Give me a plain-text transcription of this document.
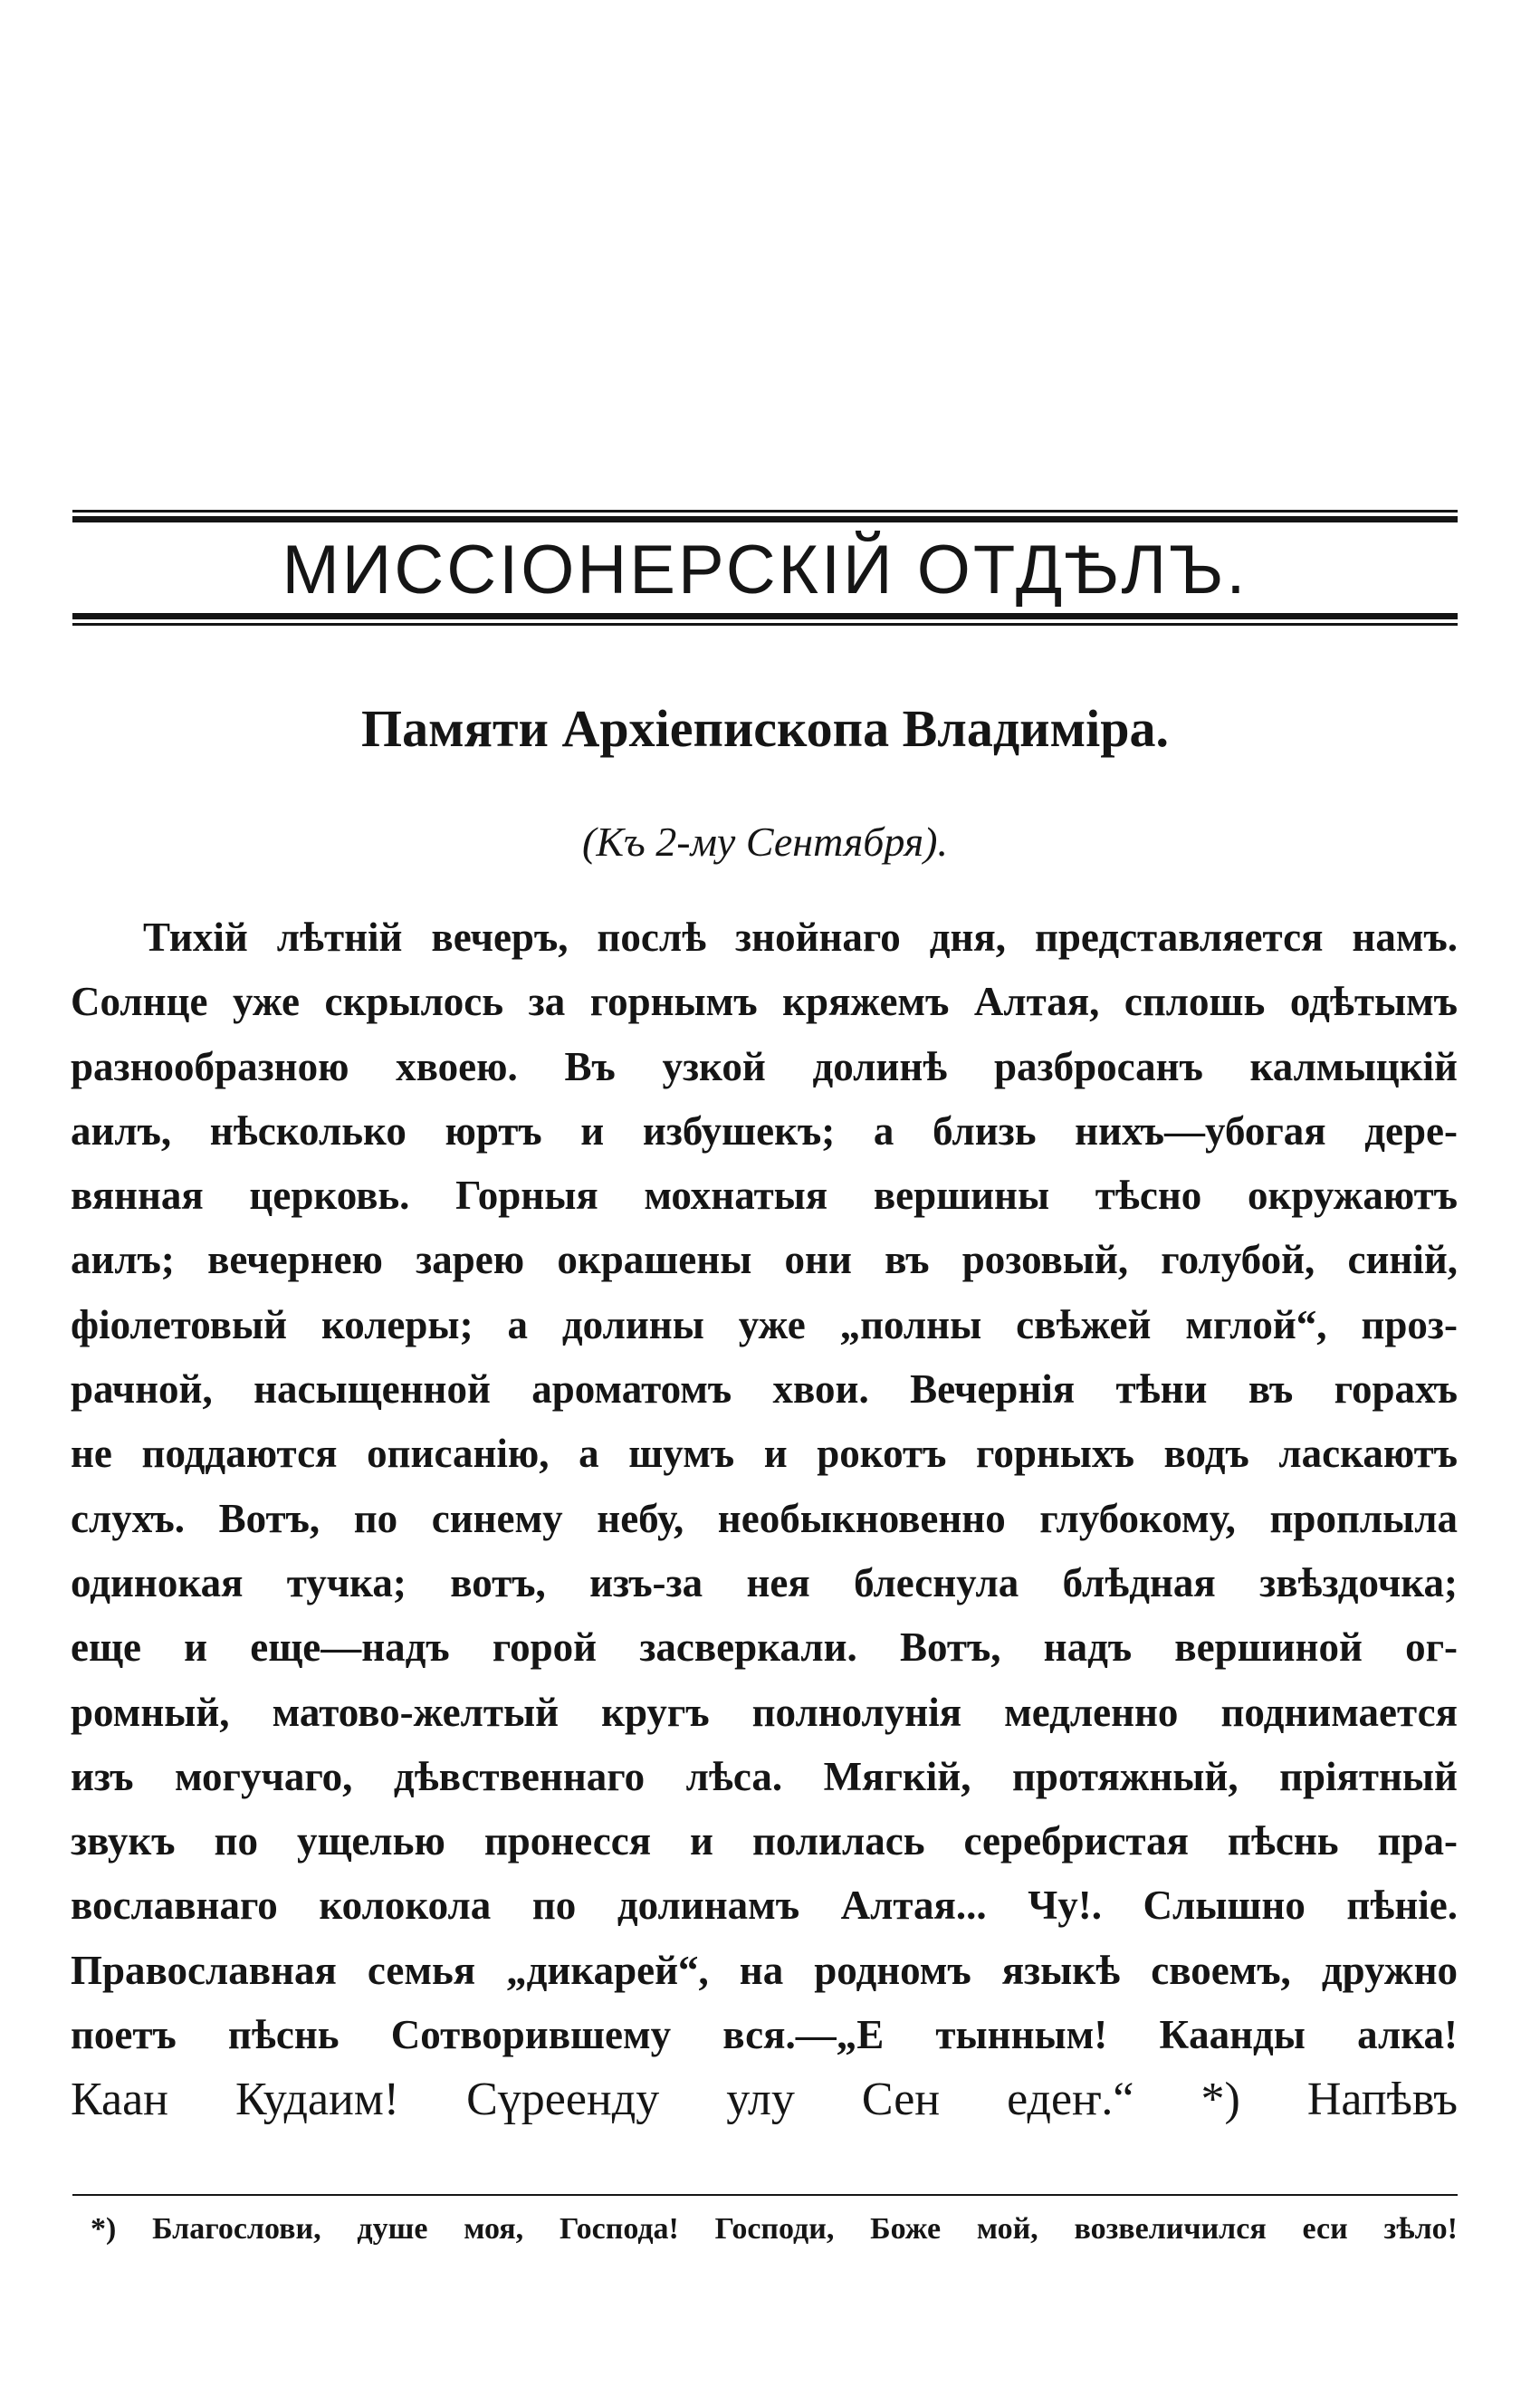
МИССІОНЕРСКІЙ ОТДѢЛЪ.
Памяти Архіепископа Владиміра.

(Къ 2-му Сентября).

Тихій лѣтній вечеръ, послѣ знойнаго дня, представляется намъ.
Солнце уже скрылось за горнымъ кряжемъ Алтая, сплошь одѣтымъ
разнообразною хвоею. Въ узкой долинѣ разбросанъ калмыцкій
аилъ, нѣсколько юртъ и избушекъ; а близь нихъ—убогая дере-
вянная церковь. Горныя мохнатыя вершины тѣсно окружаютъ
аилъ; вечернею зарею окрашены они въ розовый, голубой, синій,
фіолетовый колеры; а долины уже „полны свѣжей мглой“, проз-
рачной, насыщенной ароматомъ хвои. Вечернія тѣни въ горахъ
не поддаются описанію, а шумъ и рокотъ горныхъ водъ ласкаютъ
слухъ. Вотъ, по синему небу, необыкновенно глубокому, проплыла
одинокая тучка; вотъ, изъ-за нея блеснула блѣдная звѣздочка;
еще и еще—надъ горой засверкали. Вотъ, надъ вершиной ог-
ромный, матово-желтый кругъ полнолунія медленно поднимается
изъ могучаго, дѣвственнаго лѣса. Мягкій, протяжный, пріятный
звукъ по ущелью пронесся и полилась серебристая пѣснь пра-
вославнаго колокола по долинамъ Алтая... Чу!. Слышно пѣніе.
Православная семья „дикарей“, на родномъ языкѣ своемъ, дружно
поетъ пѣснь Сотворившему вся.—„Е тынным! Кaанды алка!
Каан Кудаим! Сүреенду улу Сен едеҥ.“ *) Напѣвъ

*) Благослови, душе моя, Господа! Господи, Боже мой, возвеличился еси зѣло!
